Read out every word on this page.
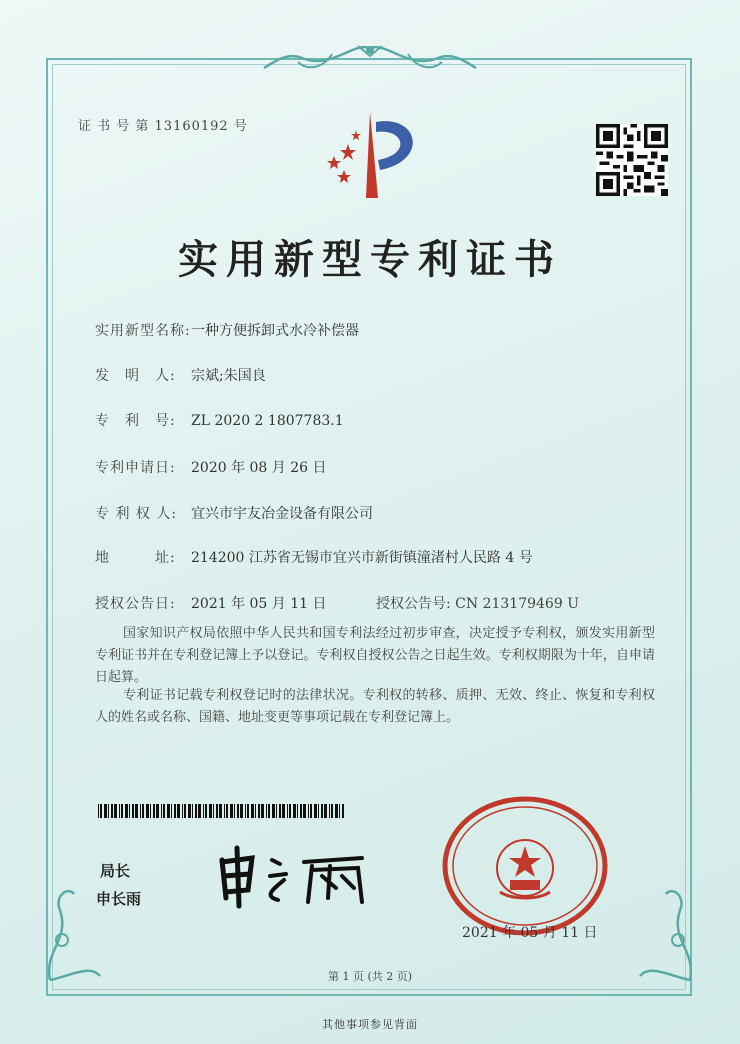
证 书 号 第 13160192 号
实用新型专利证书
实用新型名称:一种方便拆卸式水冷补偿器
发　明　人: 宗斌;朱国良
专　利　号: ZL 2020 2 1807783.1
专利申请日: 2020 年 08 月 26 日
专 利 权 人: 宜兴市宇友冶金设备有限公司
地　　　址: 214200 江苏省无锡市宜兴市新街镇潼渚村人民路 4 号
授权公告日: 2021 年 05 月 11 日	授权公告号: CN 213179469 U
国家知识产权局依照中华人民共和国专利法经过初步审查，决定授予专利权，颁发实用新型专利证书并在专利登记簿上予以登记。专利权自授权公告之日起生效。专利权期限为十年，自申请日起算。
专利证书记载专利权登记时的法律状况。专利权的转移、质押、无效、终止、恢复和专利权人的姓名或名称、国籍、地址变更等事项记载在专利登记簿上。
局长
申长雨
2021 年 05 月 11 日
第 1 页 (共 2 页)
其他事项参见背面
